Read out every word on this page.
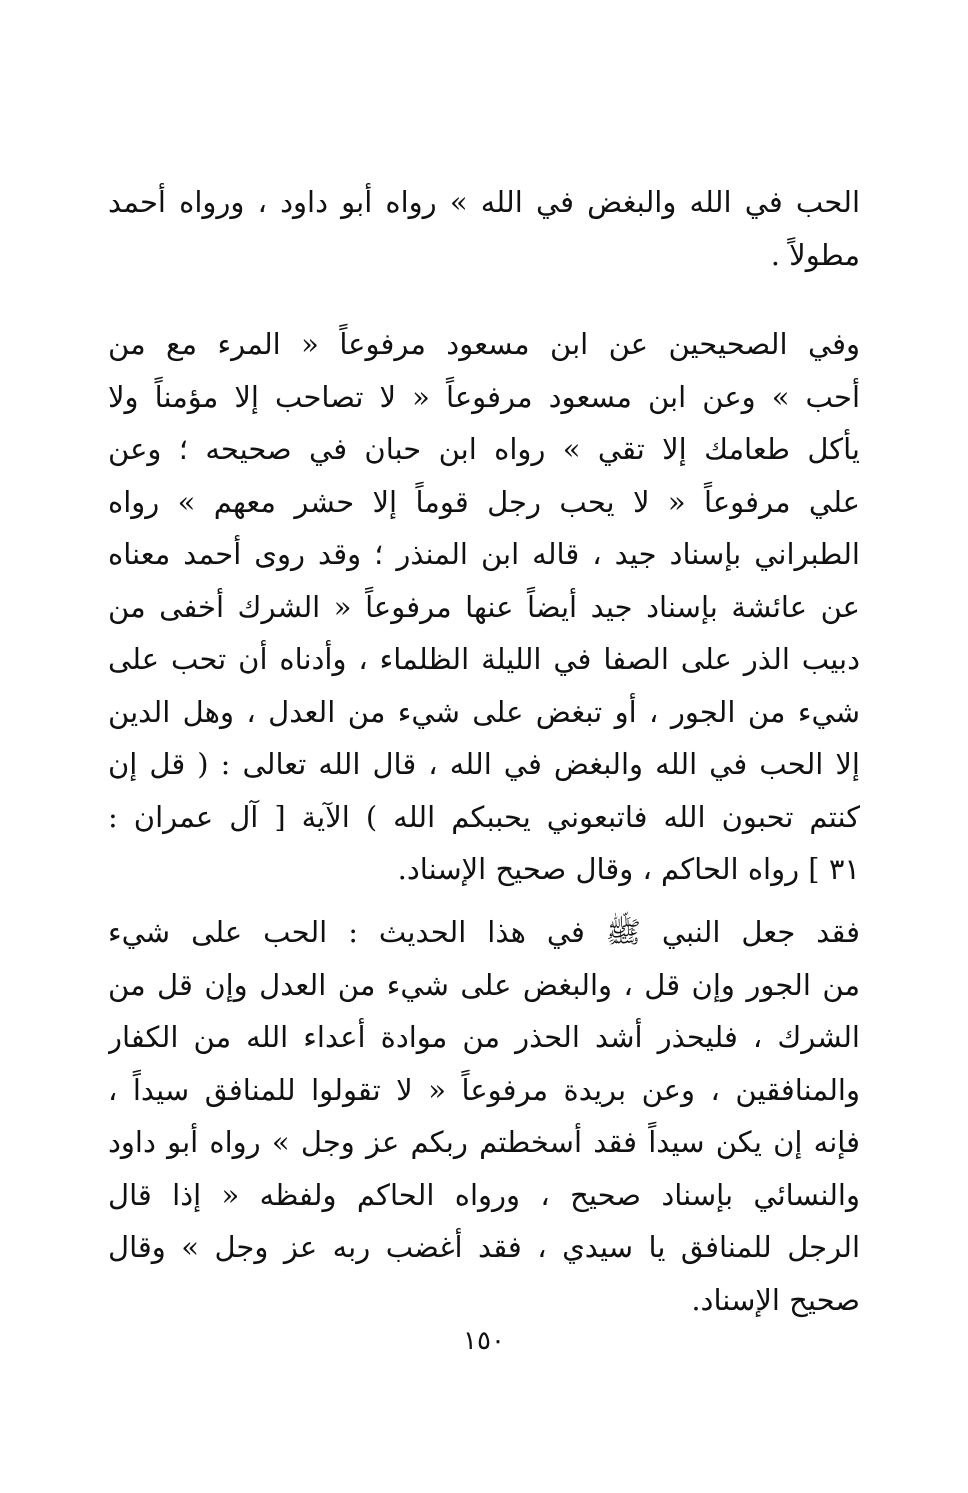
الحب في الله والبغض في الله » رواه أبو داود ، ورواه أحمد
مطولاً .
وفي الصحيحين عن ابن مسعود مرفوعاً « المرء مع من
أحب » وعن ابن مسعود مرفوعاً « لا تصاحب إلا مؤمناً ولا
يأكل طعامك إلا تقي » رواه ابن حبان في صحيحه ؛ وعن
علي مرفوعاً « لا يحب رجل قوماً إلا حشر معهم » رواه
الطبراني بإسناد جيد ، قاله ابن المنذر ؛ وقد روى أحمد معناه
عن عائشة بإسناد جيد أيضاً عنها مرفوعاً « الشرك أخفى من
دبيب الذر على الصفا في الليلة الظلماء ، وأدناه أن تحب على
شيء من الجور ، أو تبغض على شيء من العدل ، وهل الدين
إلا الحب في الله والبغض في الله ، قال الله تعالى : ( قل إن
كنتم تحبون الله فاتبعوني يحببكم الله ) الآية [ آل عمران :
٣١ ] رواه الحاكم ، وقال صحيح الإسناد.
فقد جعل النبي ﷺ في هذا الحديث : الحب على شيء
من الجور وإن قل ، والبغض على شيء من العدل وإن قل من
الشرك ، فليحذر أشد الحذر من موادة أعداء الله من الكفار
والمنافقين ، وعن بريدة مرفوعاً « لا تقولوا للمنافق سيداً ،
فإنه إن يكن سيداً فقد أسخطتم ربكم عز وجل » رواه أبو داود
والنسائي بإسناد صحيح ، ورواه الحاكم ولفظه « إذا قال
الرجل للمنافق يا سيدي ، فقد أغضب ربه عز وجل » وقال
صحيح الإسناد.
١٥٠
